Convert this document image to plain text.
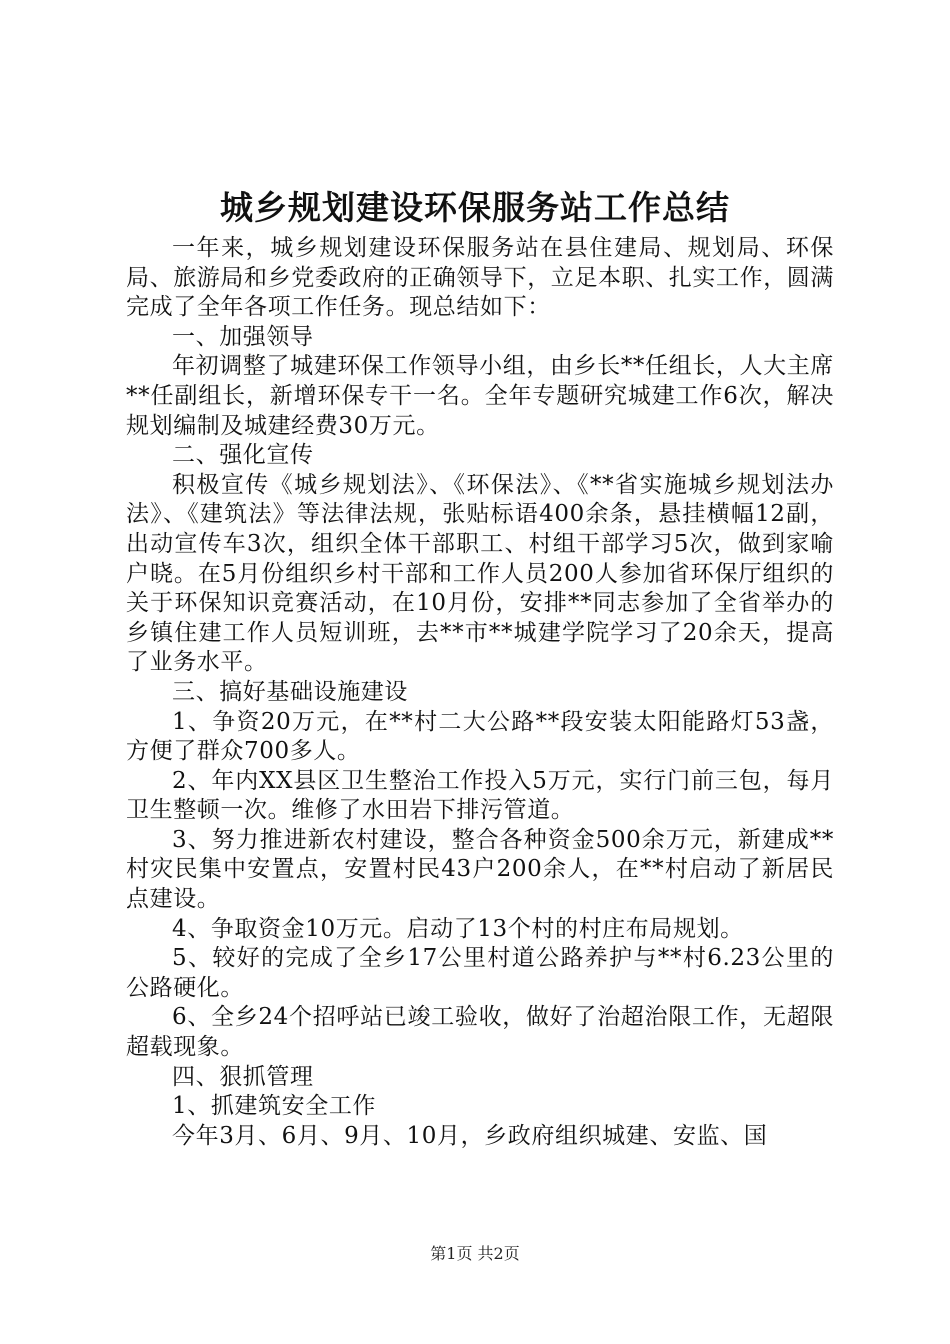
城乡规划建设环保服务站工作总结

一年来，城乡规划建设环保服务站在县住建局、规划局、环保局、旅游局和乡党委政府的正确领导下，立足本职、扎实工作，圆满完成了全年各项工作任务。现总结如下：

一、加强领导

年初调整了城建环保工作领导小组，由乡长**任组长，人大主席**任副组长，新增环保专干一名。全年专题研究城建工作6次，解决规划编制及城建经费30万元。

二、强化宣传

积极宣传《城乡规划法》、《环保法》、《**省实施城乡规划法办法》、《建筑法》等法律法规，张贴标语400余条，悬挂横幅12副，出动宣传车3次，组织全体干部职工、村组干部学习5次，做到家喻户晓。在5月份组织乡村干部和工作人员200人参加省环保厅组织的关于环保知识竞赛活动，在10月份，安排**同志参加了全省举办的乡镇住建工作人员短训班，去**市**城建学院学习了20余天，提高了业务水平。

三、搞好基础设施建设

1、争资20万元，在**村二大公路**段安装太阳能路灯53盏，方便了群众700多人。

2、年内XX县区卫生整治工作投入5万元，实行门前三包，每月卫生整顿一次。维修了水田岩下排污管道。

3、努力推进新农村建设，整合各种资金500余万元，新建成**村灾民集中安置点，安置村民43户200余人，在**村启动了新居民点建设。

4、争取资金10万元。启动了13个村的村庄布局规划。

5、较好的完成了全乡17公里村道公路养护与**村6.23公里的公路硬化。

6、全乡24个招呼站已竣工验收，做好了治超治限工作，无超限超载现象。

四、狠抓管理

1、抓建筑安全工作

今年3月、6月、9月、10月，乡政府组织城建、安监、国

第1页 共2页
